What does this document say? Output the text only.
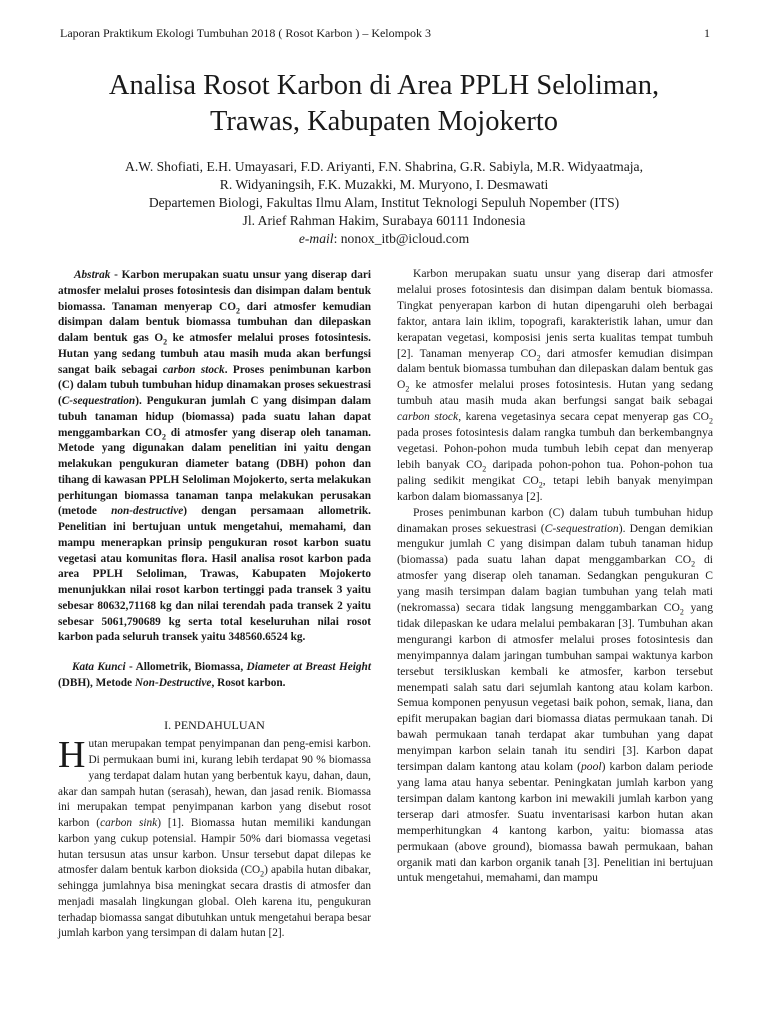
Laporan Praktikum Ekologi Tumbuhan 2018 ( Rosot Karbon ) – Kelompok 3	1
Analisa Rosot Karbon di Area PPLH Seloliman,
Trawas, Kabupaten Mojokerto
A.W. Shofiati, E.H. Umayasari, F.D. Ariyanti, F.N. Shabrina, G.R. Sabiyla, M.R. Widyaatmaja,
R. Widyaningsih, F.K. Muzakki, M. Muryono, I. Desmawati
Departemen Biologi, Fakultas Ilmu Alam, Institut Teknologi Sepuluh Nopember (ITS)
Jl. Arief Rahman Hakim, Surabaya 60111 Indonesia
e-mail: nonox_itb@icloud.com

Abstrak - Karbon merupakan suatu unsur yang diserap dari atmosfer melalui proses fotosintesis dan disimpan dalam bentuk biomassa. Tanaman menyerap $CO_2$ dari atmosfer kemudian disimpan dalam bentuk biomassa tumbuhan dan dilepaskan dalam bentuk gas $O_2$ ke atmosfer melalui proses fotosintesis. Hutan yang sedang tumbuh atau masih muda akan berfungsi sangat baik sebagai carbon stock. Proses penimbunan karbon (C) dalam tubuh tumbuhan hidup dinamakan proses sekuestrasi (C-sequestration). Pengukuran jumlah C yang disimpan dalam tubuh tanaman hidup (biomassa) pada suatu lahan dapat menggambarkan $CO_2$ di atmosfer yang diserap oleh tanaman. Metode yang digunakan dalam penelitian ini yaitu dengan melakukan pengukuran diameter batang (DBH) pohon dan tihang di kawasan PPLH Seloliman Mojokerto, serta melakukan perhitungan biomassa tanaman tanpa melakukan perusakan (metode non-destructive) dengan persamaan allometrik. Penelitian ini bertujuan untuk mengetahui, memahami, dan mampu menerapkan prinsip pengukuran rosot karbon suatu vegetasi atau komunitas flora. Hasil analisa rosot karbon pada area PPLH Seloliman, Trawas, Kabupaten Mojokerto menunjukkan nilai rosot karbon tertinggi pada transek 3 yaitu sebesar 80632,71168 kg dan nilai terendah pada transek 2 yaitu sebesar 5061,790689 kg serta total keseluruhan nilai rosot karbon pada seluruh transek yaitu 348560.6524 kg.

Kata Kunci - Allometrik, Biomassa, Diameter at Breast Height (DBH), Metode Non-Destructive, Rosot karbon.

I. PENDAHULUAN

Hutan merupakan tempat penyimpanan dan peng-emisi karbon. Di permukaan bumi ini, kurang lebih terdapat 90 % biomassa yang terdapat dalam hutan yang berbentuk kayu, dahan, daun, akar dan sampah hutan (serasah), hewan, dan jasad renik. Biomassa ini merupakan tempat penyimpanan karbon yang disebut rosot karbon (carbon sink) [1]. Biomassa hutan memiliki kandungan karbon yang cukup potensial. Hampir 50% dari biomassa vegetasi hutan tersusun atas unsur karbon. Unsur tersebut dapat dilepas ke atmosfer dalam bentuk karbon dioksida $(CO_2)$ apabila hutan dibakar, sehingga jumlahnya bisa meningkat secara drastis di atmosfer dan menjadi masalah lingkungan global. Oleh karena itu, pengukuran terhadap biomassa sangat dibutuhkan untuk mengetahui berapa besar jumlah karbon yang tersimpan di dalam hutan [2].

Karbon merupakan suatu unsur yang diserap dari atmosfer melalui proses fotosintesis dan disimpan dalam bentuk biomassa. Tingkat penyerapan karbon di hutan dipengaruhi oleh berbagai faktor, antara lain iklim, topografi, karakteristik lahan, umur dan kerapatan vegetasi, komposisi jenis serta kualitas tempat tumbuh [2]. Tanaman menyerap $CO_2$ dari atmosfer kemudian disimpan dalam bentuk biomassa tumbuhan dan dilepaskan dalam bentuk gas $O_2$ ke atmosfer melalui proses fotosintesis. Hutan yang sedang tumbuh atau masih muda akan berfungsi sangat baik sebagai carbon stock, karena vegetasinya secara cepat menyerap gas $CO_2$ pada proses fotosintesis dalam rangka tumbuh dan berkembangnya vegetasi. Pohon-pohon muda tumbuh lebih cepat dan menyerap lebih banyak $CO_2$ daripada pohon-pohon tua. Pohon-pohon tua paling sedikit mengikat $CO_2$, tetapi lebih banyak menyimpan karbon dalam biomassanya [2].

Proses penimbunan karbon (C) dalam tubuh tumbuhan hidup dinamakan proses sekuestrasi (C-sequestration). Dengan demikian mengukur jumlah C yang disimpan dalam tubuh tanaman hidup (biomassa) pada suatu lahan dapat menggambarkan $CO_2$ di atmosfer yang diserap oleh tanaman. Sedangkan pengukuran C yang masih tersimpan dalam bagian tumbuhan yang telah mati (nekromassa) secara tidak langsung menggambarkan $CO_2$ yang tidak dilepaskan ke udara melalui pembakaran [3]. Tumbuhan akan mengurangi karbon di atmosfer melalui proses fotosintesis dan menyimpannya dalam jaringan tumbuhan sampai waktunya karbon tersebut tersikluskan kembali ke atmosfer, karbon tersebut menempati salah satu dari sejumlah kantong atau kolam karbon. Semua komponen penyusun vegetasi baik pohon, semak, liana, dan epifit merupakan bagian dari biomassa diatas permukaan tanah. Di bawah permukaan tanah terdapat akar tumbuhan yang dapat menyimpan karbon selain tanah itu sendiri [3]. Karbon dapat tersimpan dalam kantong atau kolam (pool) karbon dalam periode yang lama atau hanya sebentar. Peningkatan jumlah karbon yang tersimpan dalam kantong karbon ini mewakili jumlah karbon yang terserap dari atmosfer. Suatu inventarisasi karbon hutan akan memperhitungkan 4 kantong karbon, yaitu: biomassa atas permukaan (above ground), biomassa bawah permukaan, bahan organik mati dan karbon organik tanah [3]. Penelitian ini bertujuan untuk mengetahui, memahami, dan mampu
